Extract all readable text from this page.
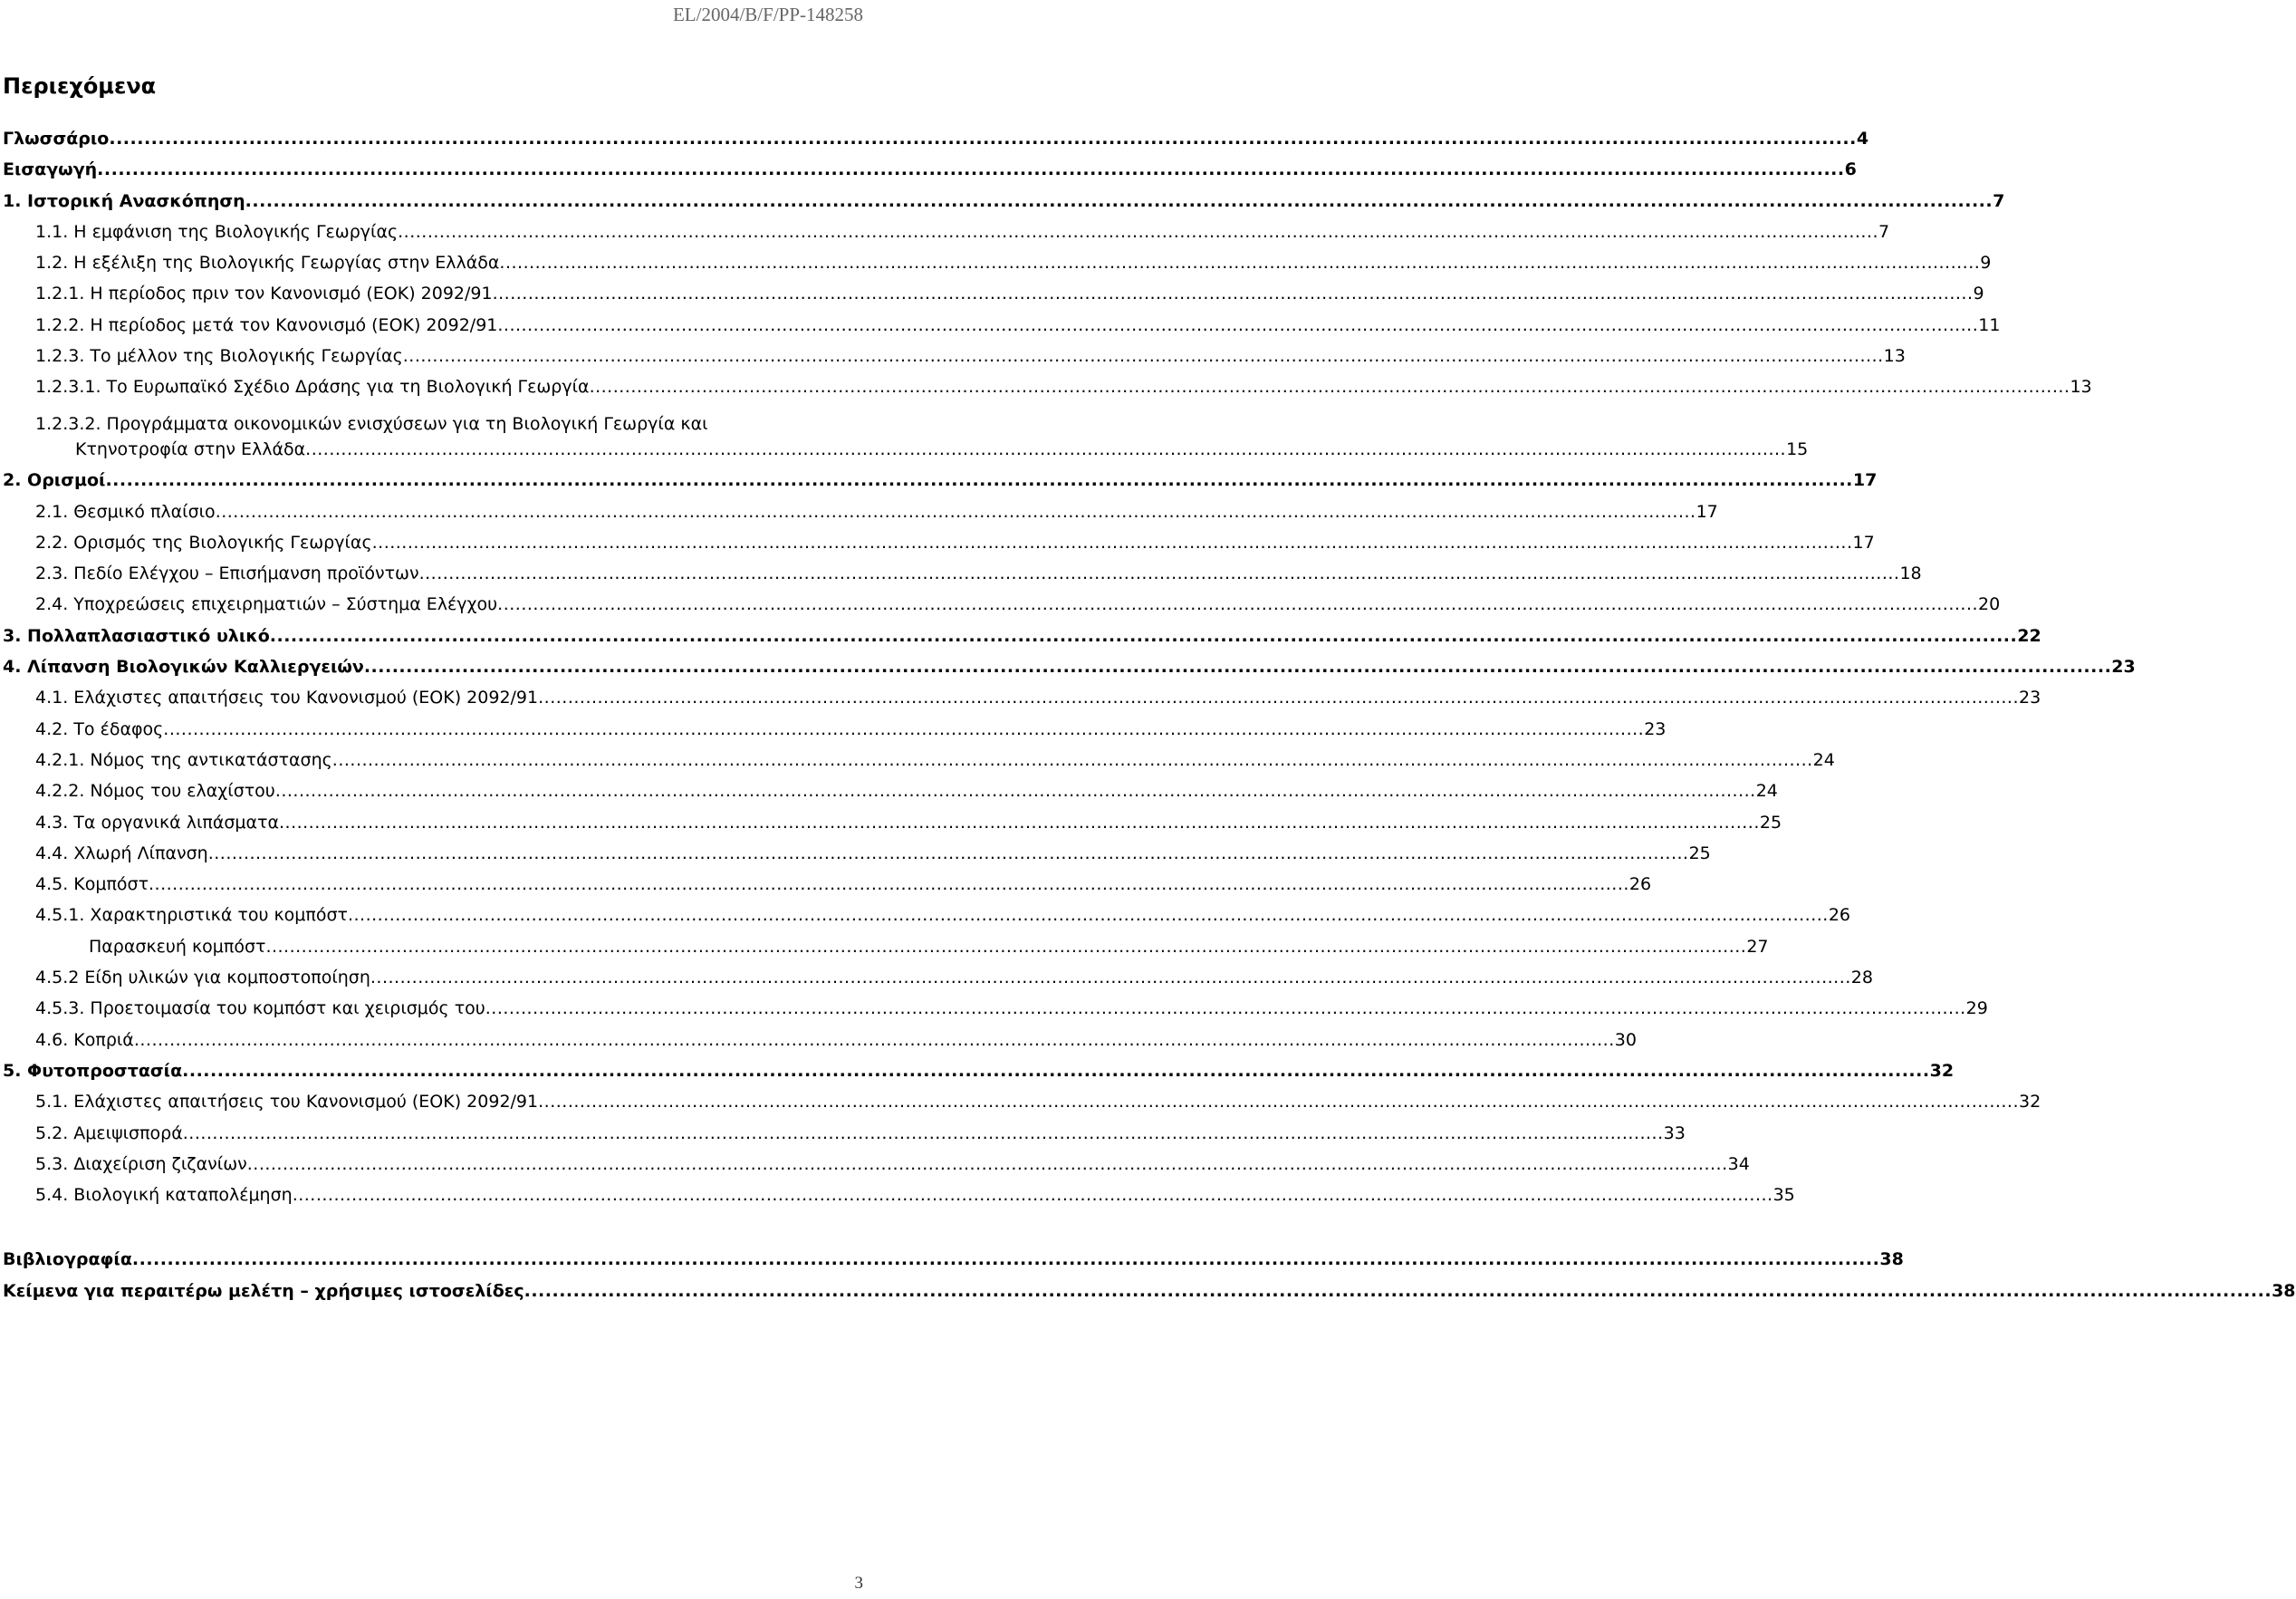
EL/2004/B/F/PP-148258
Περιεχόμενα
Γλωσσάριο .....	4
Εισαγωγή .....	6
1. Ιστορική Ανασκόπηση .....	7
1.1. Η εμφάνιση της Βιολογικής Γεωργίας .....	7
1.2. Η εξέλιξη της Βιολογικής Γεωργίας στην Ελλάδα .....	9
1.2.1. Η περίοδος πριν τον Κανονισμό (ΕΟΚ) 2092/91 .....	9
1.2.2. Η περίοδος μετά τον Κανονισμό (ΕΟΚ) 2092/91 .....	11
1.2.3. Το μέλλον της Βιολογικής Γεωργίας .....	13
1.2.3.1. Το Ευρωπαϊκό Σχέδιο Δράσης για τη Βιολογική Γεωργία .....	13
1.2.3.2. Προγράμματα οικονομικών ενισχύσεων για τη Βιολογική Γεωργία και
Κτηνοτροφία στην Ελλάδα .....	15
2. Ορισμοί .....	17
2.1. Θεσμικό πλαίσιο .....	17
2.2. Ορισμός της Βιολογικής Γεωργίας .....	17
2.3. Πεδίο Ελέγχου – Επισήμανση προϊόντων .....	18
2.4. Υποχρεώσεις επιχειρηματιών – Σύστημα Ελέγχου .....	20
3. Πολλαπλασιαστικό υλικό .....	22
4. Λίπανση Βιολογικών Καλλιεργειών .....	23
4.1. Ελάχιστες απαιτήσεις του Κανονισμού (ΕΟΚ) 2092/91 .....	23
4.2. Το έδαφος .....	23
4.2.1. Νόμος της αντικατάστασης .....	24
4.2.2. Νόμος του ελαχίστου .....	24
4.3. Τα οργανικά λιπάσματα .....	25
4.4. Χλωρή Λίπανση .....	25
4.5. Κομπόστ .....	26
4.5.1. Χαρακτηριστικά του κομπόστ .....	26
Παρασκευή κομπόστ .....	27
4.5.2 Είδη υλικών για κομποστοποίηση .....	28
4.5.3. Προετοιμασία του κομπόστ και χειρισμός του .....	29
4.6. Κοπριά .....	30
5. Φυτοπροστασία .....	32
5.1. Ελάχιστες απαιτήσεις του Κανονισμού (ΕΟΚ) 2092/91 .....	32
5.2. Αμειψισπορά .....	33
5.3. Διαχείριση ζιζανίων .....	34
5.4. Βιολογική καταπολέμηση .....	35
Βιβλιογραφία .....	38
Κείμενα για περαιτέρω μελέτη – χρήσιμες ιστοσελίδες .....	38
3
